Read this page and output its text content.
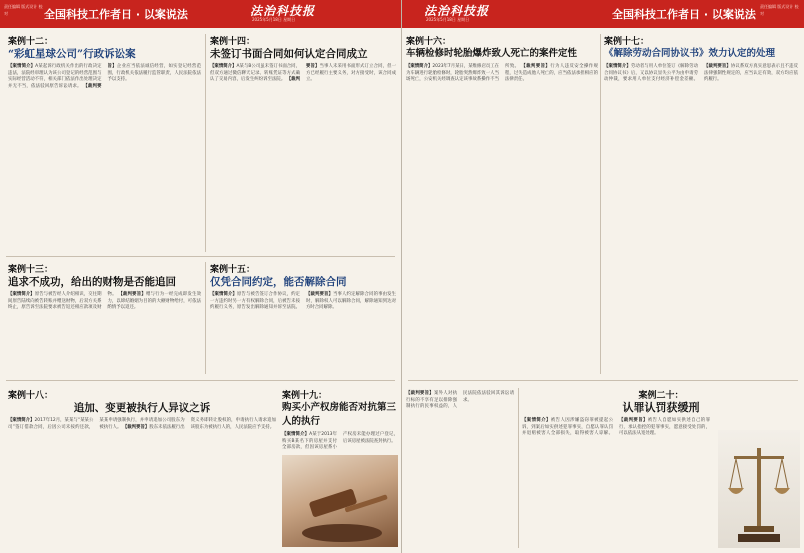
责任编辑 版式设计 校对	全国科技工作者日 · 以案说法	法治科技报
2025年5月18日 星期日
案例十二：
“彩虹星球公司”行政诉讼案
【案情简介】A某起诉行政机关作出的行政决定违法，法院经审理认为该公司登记的经营范围与实际经营活动不符，相关部门依法作出处理决定并无不当，依法驳回原告诉讼请求。 【裁判要旨】企业应当依法诚信经营，如实登记经营范围，行政机关依法履行监管职责，人民法院依法予以支持。
案例十四：
未签订书面合同如何认定合同成立
【案情简介】A某与B公司虽未签订书面合同，但双方通过微信聊天记录、转账凭证等方式确认了交易内容，后发生纠纷诉至法院。 【裁判要旨】当事人未采用书面形式订立合同，但一方已经履行主要义务，对方接受时，该合同成立。
案例十三：
追求不成功，给出的财物是否能追回
【案情简介】原告与被告经人介绍相识，交往期间原告陆续向被告转账并赠送财物，后双方关系终止，原告诉至法院要求被告返还相应款项及财物。 【裁判要旨】赠与行为一经完成即发生效力，以缔结婚姻为目的的大额财物给付，可依法酌情予以返还。
案例十五：
仅凭合同约定，能否解除合同
【案情简介】原告与被告签订合作协议，约定一方违约时另一方有权解除合同，后被告未按约履行义务，原告发出解除通知并诉至法院。 【裁判要旨】当事人约定解除合同的事由发生时，解除权人可以解除合同，解除通知到达对方时合同解除。
案例十八：
追加、变更被执行人异议之诉
【案情简介】2017年12月，某某与“某某公司”签订借款合同，后因公司未按约还款，某某申请强制执行，并申请追加公司股东为被执行人。 【裁判要旨】股东未依法履行出资义务即转让股权的，申请执行人请求追加该股东为被执行人的，人民法院应予支持。
案例十九：
购买小产权房能否对抗第三人的执行
【案情简介】A某于2013年购买B某名下的房屋并支付全部房款，但因该房屋系小产权房未能办理过户登记，后该房屋被法院查封执行。
法治科技报
2025年5月18日 星期日	全国科技工作者日 · 以案说法
责任编辑 版式设计 校对
案例十六：
车辆检修时轮胎爆炸致人死亡的案件定性
【案情简介】2023年7月某日，某维修店员工在为车辆进行轮胎检修时，轮胎突然爆炸致一人当场死亡，公安机关经调查认定该事故系操作不当所致。 【裁判要旨】行为人违反安全操作规程，过失造成他人死亡的，应当依法承担相应的法律责任。
案例十七：
《解除劳动合同协议书》效力认定的处理
【案情简介】劳动者与用人单位签订《解除劳动合同协议书》后，又以协议显失公平为由申请劳动仲裁，要求用人单位支付经济补偿金差额。 【裁判要旨】协议系双方真实意思表示且不违反法律强制性规定的，应当认定有效，双方均应依约履行。
【裁判要旨】案外人对执行标的不享有足以排除强制执行的民事权益的，人民法院依法驳回其诉讼请求。	案例二十：
认罪认罚获缓刑
【案情简介】被告人因涉嫌盗窃罪被提起公诉，到案后如实供述犯罪事实，自愿认罪认罚并退赔被害人全部损失，取得被害人谅解。 【裁判要旨】被告人自愿如实供述自己的罪行，承认指控的犯罪事实，愿意接受处罚的，可以依法从宽处理。
